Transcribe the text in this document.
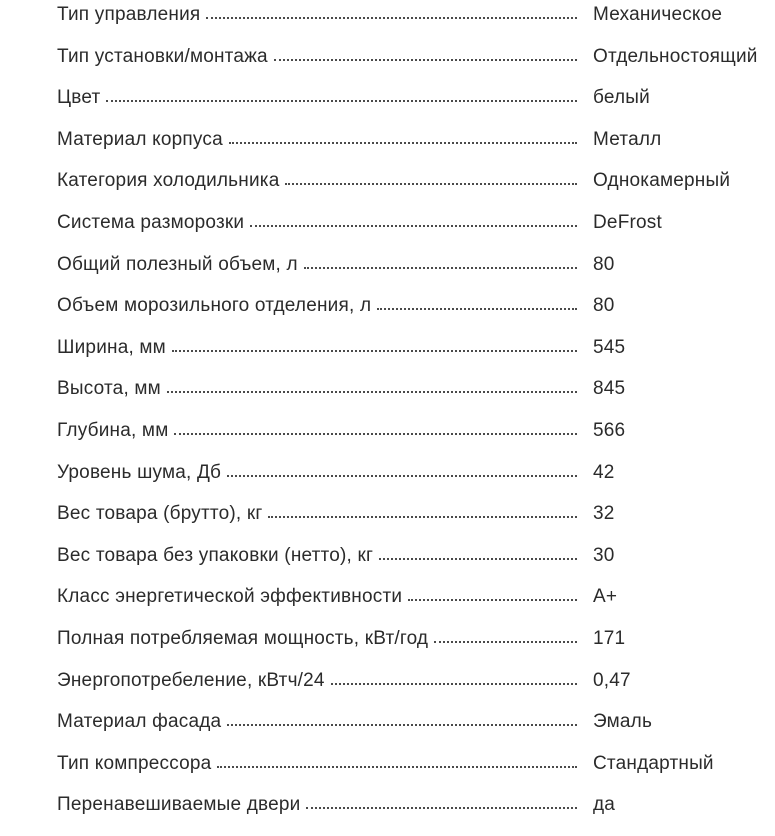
Тип управления	Механическое
Тип установки/монтажа	Отдельностоящий
Цвет	белый
Материал корпуса	Металл
Категория холодильника	Однокамерный
Система разморозки	DeFrost
Общий полезный объем, л	80
Объем морозильного отделения, л	80
Ширина, мм	545
Высота, мм	845
Глубина, мм	566
Уровень шума, Дб	42
Вес товара (брутто), кг	32
Вес товара без упаковки (нетто), кг	30
Класс энергетической эффективности	A+
Полная потребляемая мощность, кВт/год	171
Энергопотребеление, кВтч/24	0,47
Материал фасада	Эмаль
Тип компрессора	Стандартный
Перенавешиваемые двери	да
